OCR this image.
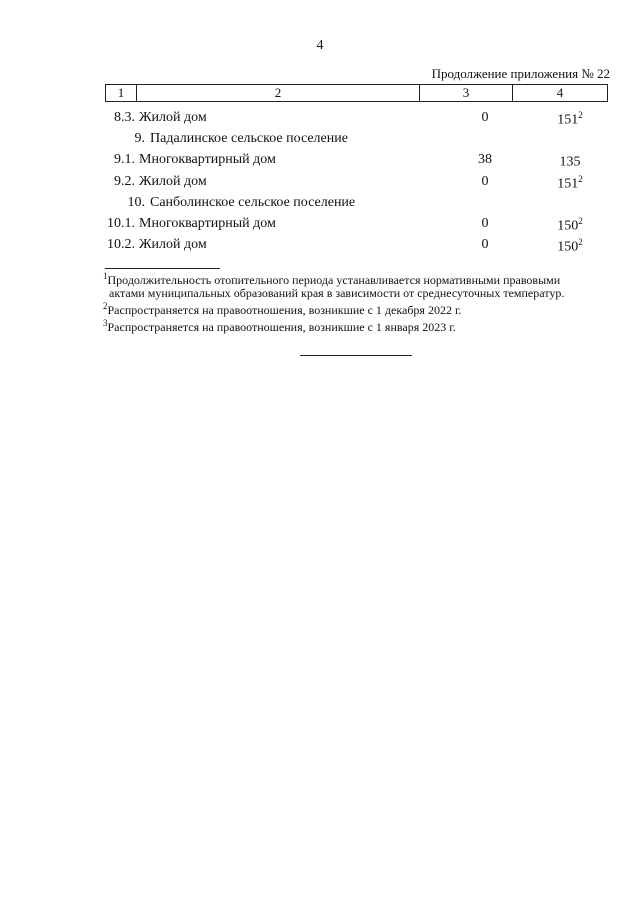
4
Продолжение приложения № 22
1	2	3	4
8.3. Жилой дом	0	$151^2$
9. Падалинское сельское поселение
9.1. Многоквартирный дом	38	135
9.2. Жилой дом	0	$151^2$
10. Санболинское сельское поселение
10.1. Многоквартирный дом	0	$150^2$
10.2. Жилой дом	0	$150^2$

$^1$Продолжительность отопительного периода устанавливается нормативными правовыми
актами муниципальных образований края в зависимости от среднесуточных температур.

$^2$Распространяется на правоотношения, возникшие с 1 декабря 2022 г.

$^3$Распространяется на правоотношения, возникшие с 1 января 2023 г.
